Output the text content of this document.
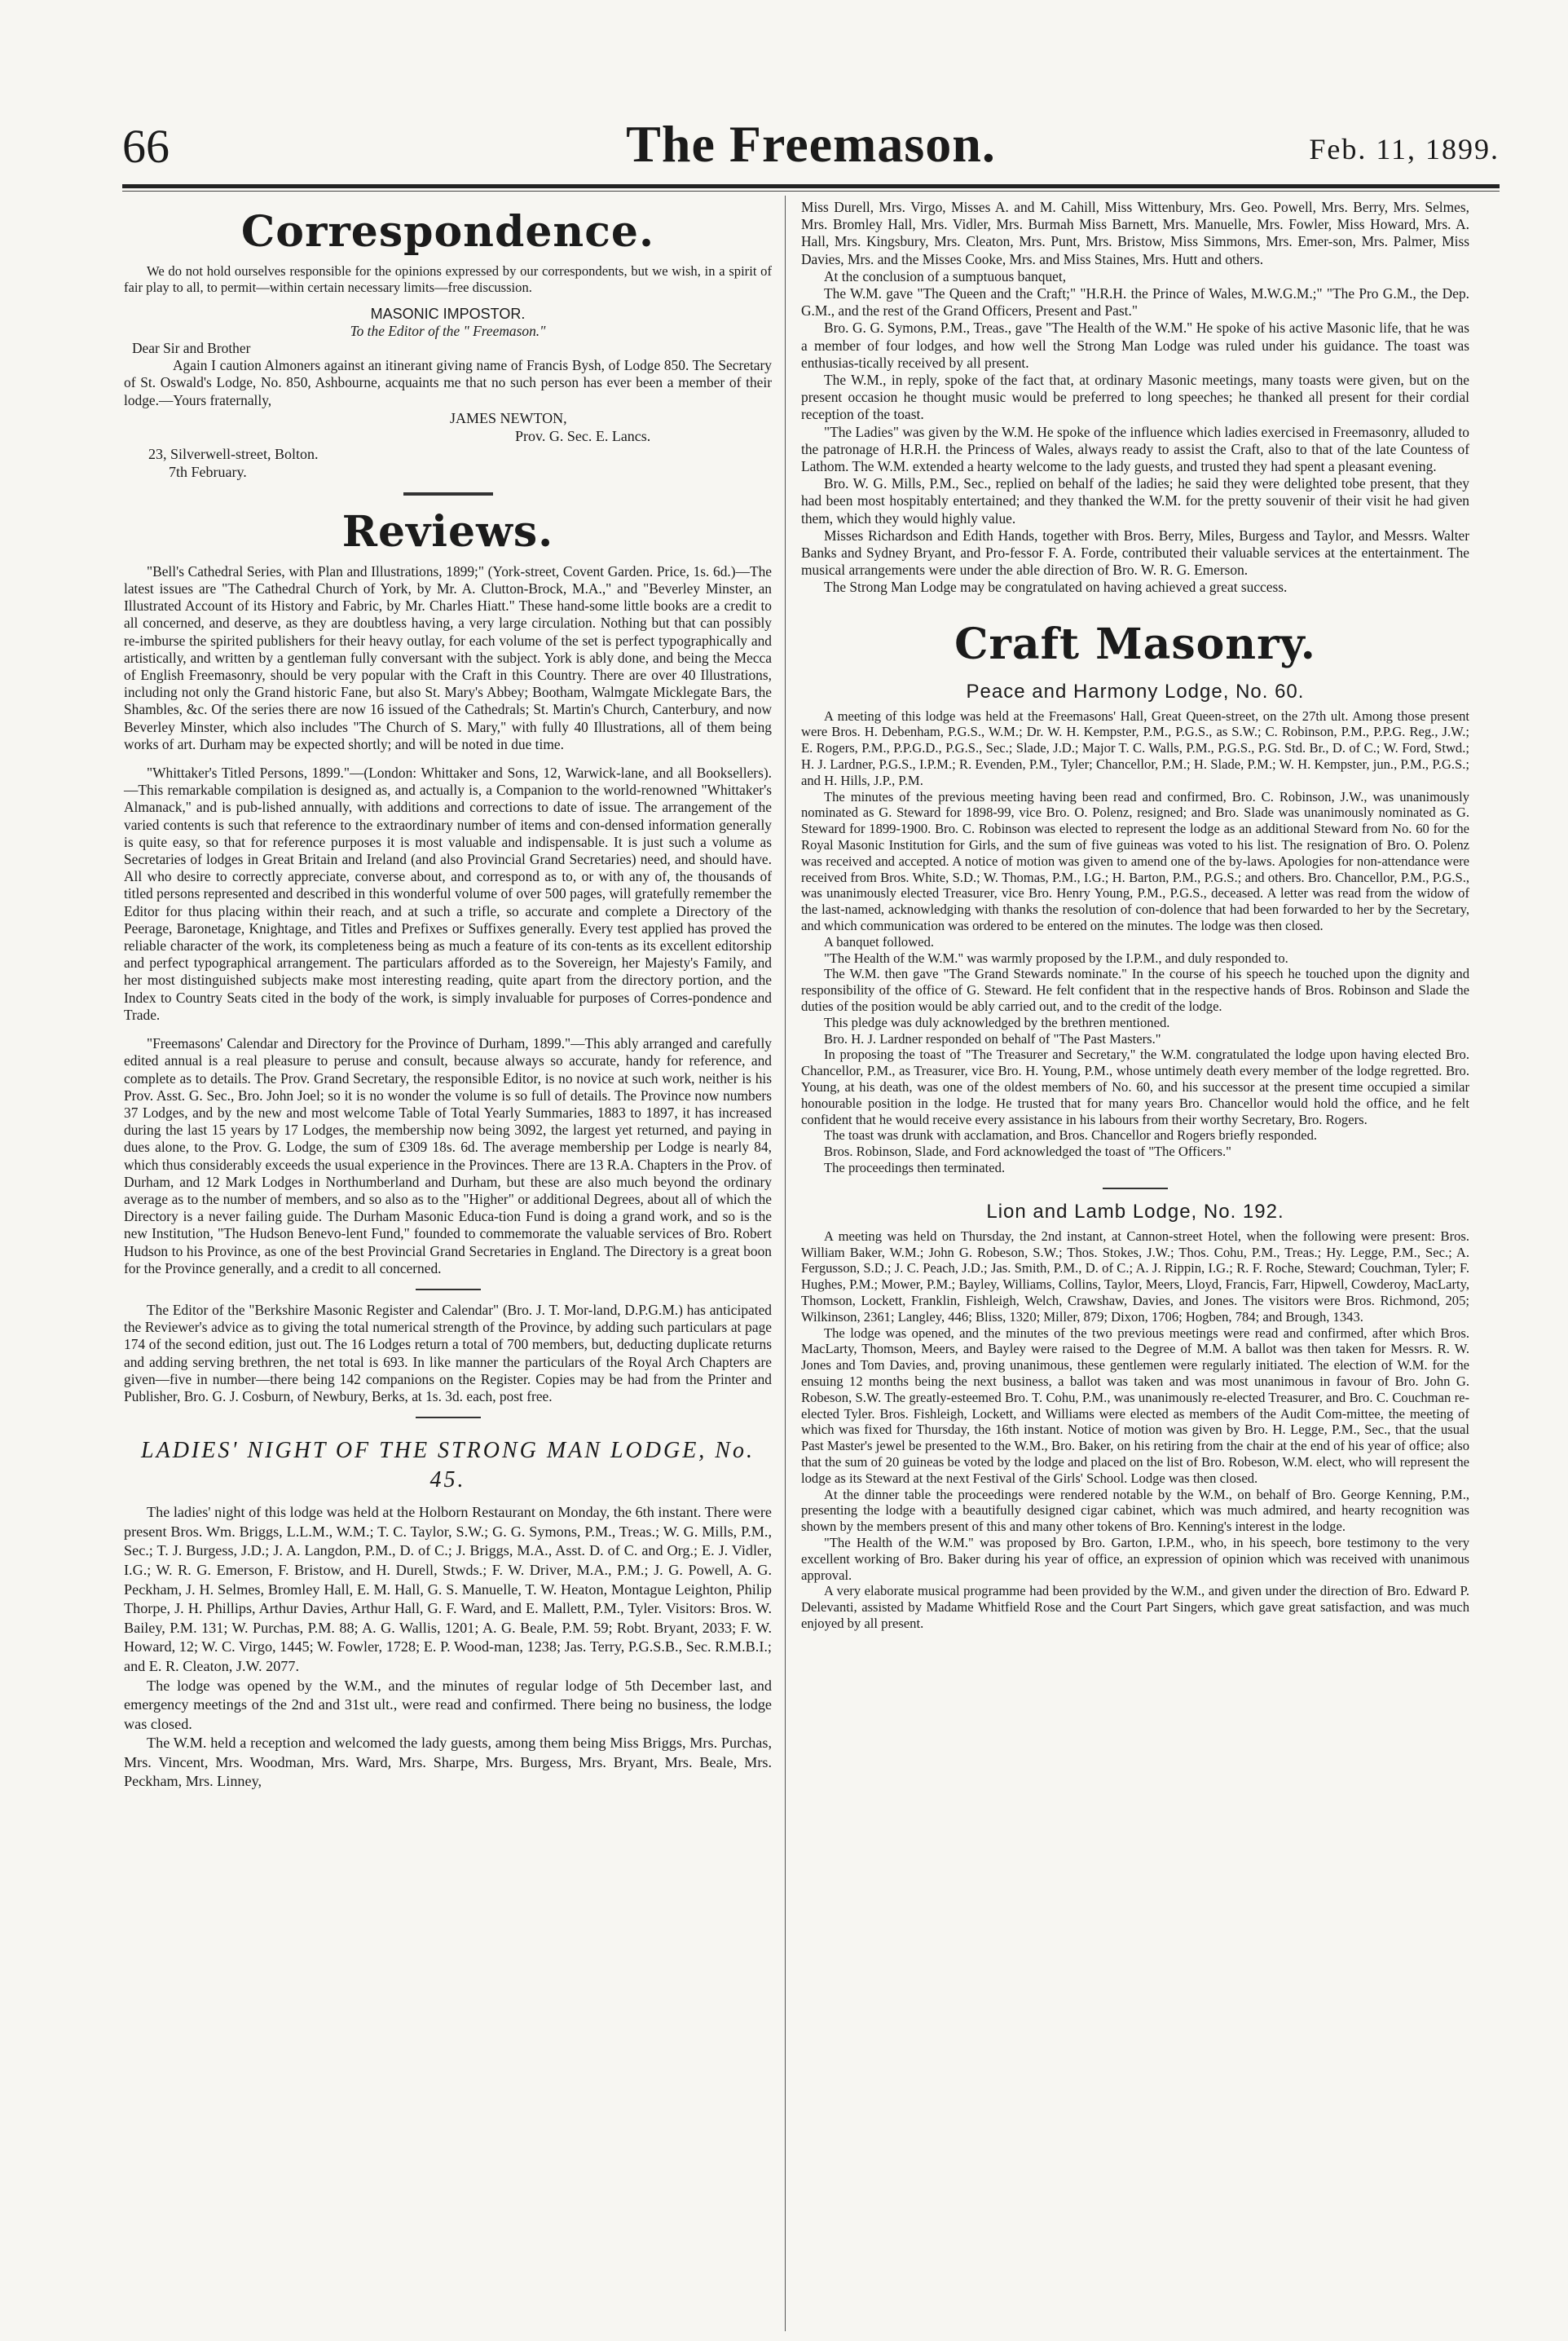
66	The Freemason.	Feb. 11, 1899.
Correspondence.

We do not hold ourselves responsible for the opinions expressed by our correspondents, but we wish, in a spirit of fair play to all, to permit—within certain necessary limits—free discussion.

MASONIC IMPOSTOR.

To the Editor of the " Freemason."

Dear Sir and Brother

Again I caution Almoners against an itinerant giving name of Francis Bysh, of Lodge 850. The Secretary of St. Oswald's Lodge, No. 850, Ashbourne, acquaints me that no such person has ever been a member of their lodge.—Yours fraternally,

JAMES NEWTON,

Prov. G. Sec. E. Lancs.

23, Silverwell-street, Bolton.

7th February.

Reviews.

"Bell's Cathedral Series, with Plan and Illustrations, 1899;" (York-street, Covent Garden. Price, 1s. 6d.)—The latest issues are "The Cathedral Church of York, by Mr. A. Clutton-Brock, M.A.," and "Beverley Minster, an Illustrated Account of its History and Fabric, by Mr. Charles Hiatt." These hand-some little books are a credit to all concerned, and deserve, as they are doubtless having, a very large circulation. Nothing but that can possibly re-imburse the spirited publishers for their heavy outlay, for each volume of the set is perfect typographically and artistically, and written by a gentleman fully conversant with the subject. York is ably done, and being the Mecca of English Freemasonry, should be very popular with the Craft in this Country. There are over 40 Illustrations, including not only the Grand historic Fane, but also St. Mary's Abbey; Bootham, Walmgate Micklegate Bars, the Shambles, &c. Of the series there are now 16 issued of the Cathedrals; St. Martin's Church, Canterbury, and now Beverley Minster, which also includes "The Church of S. Mary," with fully 40 Illustrations, all of them being works of art. Durham may be expected shortly; and will be noted in due time.

"Whittaker's Titled Persons, 1899."—(London: Whittaker and Sons, 12, Warwick-lane, and all Booksellers).—This remarkable compilation is designed as, and actually is, a Companion to the world-renowned "Whittaker's Almanack," and is pub-lished annually, with additions and corrections to date of issue. The arrangement of the varied contents is such that reference to the extraordinary number of items and con-densed information generally is quite easy, so that for reference purposes it is most valuable and indispensable. It is just such a volume as Secretaries of lodges in Great Britain and Ireland (and also Provincial Grand Secretaries) need, and should have. All who desire to correctly appreciate, converse about, and correspond as to, or with any of, the thousands of titled persons represented and described in this wonderful volume of over 500 pages, will gratefully remember the Editor for thus placing within their reach, and at such a trifle, so accurate and complete a Directory of the Peerage, Baronetage, Knightage, and Titles and Prefixes or Suffixes generally. Every test applied has proved the reliable character of the work, its completeness being as much a feature of its con-tents as its excellent editorship and perfect typographical arrangement. The particulars afforded as to the Sovereign, her Majesty's Family, and her most distinguished subjects make most interesting reading, quite apart from the directory portion, and the Index to Country Seats cited in the body of the work, is simply invaluable for purposes of Corres-pondence and Trade.

"Freemasons' Calendar and Directory for the Province of Durham, 1899."—This ably arranged and carefully edited annual is a real pleasure to peruse and consult, because always so accurate, handy for reference, and complete as to details. The Prov. Grand Secretary, the responsible Editor, is no novice at such work, neither is his Prov. Asst. G. Sec., Bro. John Joel; so it is no wonder the volume is so full of details. The Province now numbers 37 Lodges, and by the new and most welcome Table of Total Yearly Summaries, 1883 to 1897, it has increased during the last 15 years by 17 Lodges, the membership now being 3092, the largest yet returned, and paying in dues alone, to the Prov. G. Lodge, the sum of £309 18s. 6d. The average membership per Lodge is nearly 84, which thus considerably exceeds the usual experience in the Provinces. There are 13 R.A. Chapters in the Prov. of Durham, and 12 Mark Lodges in Northumberland and Durham, but these are also much beyond the ordinary average as to the number of members, and so also as to the "Higher" or additional Degrees, about all of which the Directory is a never failing guide. The Durham Masonic Educa-tion Fund is doing a grand work, and so is the new Institution, "The Hudson Benevo-lent Fund," founded to commemorate the valuable services of Bro. Robert Hudson to his Province, as one of the best Provincial Grand Secretaries in England. The Directory is a great boon for the Province generally, and a credit to all concerned.

The Editor of the "Berkshire Masonic Register and Calendar" (Bro. J. T. Mor-land, D.P.G.M.) has anticipated the Reviewer's advice as to giving the total numerical strength of the Province, by adding such particulars at page 174 of the second edition, just out. The 16 Lodges return a total of 700 members, but, deducting duplicate returns and adding serving brethren, the net total is 693. In like manner the particulars of the Royal Arch Chapters are given—five in number—there being 142 companions on the Register. Copies may be had from the Printer and Publisher, Bro. G. J. Cosburn, of Newbury, Berks, at 1s. 3d. each, post free.

LADIES' NIGHT OF THE STRONG MAN LODGE, No. 45.

The ladies' night of this lodge was held at the Holborn Restaurant on Monday, the 6th instant. There were present Bros. Wm. Briggs, L.L.M., W.M.; T. C. Taylor, S.W.; G. G. Symons, P.M., Treas.; W. G. Mills, P.M., Sec.; T. J. Burgess, J.D.; J. A. Langdon, P.M., D. of C.; J. Briggs, M.A., Asst. D. of C. and Org.; E. J. Vidler, I.G.; W. R. G. Emerson, F. Bristow, and H. Durell, Stwds.; F. W. Driver, M.A., P.M.; J. G. Powell, A. G. Peckham, J. H. Selmes, Bromley Hall, E. M. Hall, G. S. Manuelle, T. W. Heaton, Montague Leighton, Philip Thorpe, J. H. Phillips, Arthur Davies, Arthur Hall, G. F. Ward, and E. Mallett, P.M., Tyler. Visitors: Bros. W. Bailey, P.M. 131; W. Purchas, P.M. 88; A. G. Wallis, 1201; A. G. Beale, P.M. 59; Robt. Bryant, 2033; F. W. Howard, 12; W. C. Virgo, 1445; W. Fowler, 1728; E. P. Wood-man, 1238; Jas. Terry, P.G.S.B., Sec. R.M.B.I.; and E. R. Cleaton, J.W. 2077.

The lodge was opened by the W.M., and the minutes of regular lodge of 5th December last, and emergency meetings of the 2nd and 31st ult., were read and confirmed. There being no business, the lodge was closed.

The W.M. held a reception and welcomed the lady guests, among them being Miss Briggs, Mrs. Purchas, Mrs. Vincent, Mrs. Woodman, Mrs. Ward, Mrs. Sharpe, Mrs. Burgess, Mrs. Bryant, Mrs. Beale, Mrs. Peckham, Mrs. Linney,

Miss Durell, Mrs. Virgo, Misses A. and M. Cahill, Miss Wittenbury, Mrs. Geo. Powell, Mrs. Berry, Mrs. Selmes, Mrs. Bromley Hall, Mrs. Vidler, Mrs. Burmah Miss Barnett, Mrs. Manuelle, Mrs. Fowler, Miss Howard, Mrs. A. Hall, Mrs. Kingsbury, Mrs. Cleaton, Mrs. Punt, Mrs. Bristow, Miss Simmons, Mrs. Emer-son, Mrs. Palmer, Miss Davies, Mrs. and the Misses Cooke, Mrs. and Miss Staines, Mrs. Hutt and others.

At the conclusion of a sumptuous banquet,

The W.M. gave "The Queen and the Craft;" "H.R.H. the Prince of Wales, M.W.G.M.;" "The Pro G.M., the Dep. G.M., and the rest of the Grand Officers, Present and Past."

Bro. G. G. Symons, P.M., Treas., gave "The Health of the W.M." He spoke of his active Masonic life, that he was a member of four lodges, and how well the Strong Man Lodge was ruled under his guidance. The toast was enthusias-tically received by all present.

The W.M., in reply, spoke of the fact that, at ordinary Masonic meetings, many toasts were given, but on the present occasion he thought music would be preferred to long speeches; he thanked all present for their cordial reception of the toast.

"The Ladies" was given by the W.M. He spoke of the influence which ladies exercised in Freemasonry, alluded to the patronage of H.R.H. the Princess of Wales, always ready to assist the Craft, also to that of the late Countess of Lathom. The W.M. extended a hearty welcome to the lady guests, and trusted they had spent a pleasant evening.

Bro. W. G. Mills, P.M., Sec., replied on behalf of the ladies; he said they were delighted tobe present, that they had been most hospitably entertained; and they thanked the W.M. for the pretty souvenir of their visit he had given them, which they would highly value.

Misses Richardson and Edith Hands, together with Bros. Berry, Miles, Burgess and Taylor, and Messrs. Walter Banks and Sydney Bryant, and Pro-fessor F. A. Forde, contributed their valuable services at the entertainment. The musical arrangements were under the able direction of Bro. W. R. G. Emerson.

The Strong Man Lodge may be congratulated on having achieved a great success.

Craft Masonry.
Peace and Harmony Lodge, No. 60.

A meeting of this lodge was held at the Freemasons' Hall, Great Queen-street, on the 27th ult. Among those present were Bros. H. Debenham, P.G.S., W.M.; Dr. W. H. Kempster, P.M., P.G.S., as S.W.; C. Robinson, P.M., P.P.G. Reg., J.W.; E. Rogers, P.M., P.P.G.D., P.G.S., Sec.; Slade, J.D.; Major T. C. Walls, P.M., P.G.S., P.G. Std. Br., D. of C.; W. Ford, Stwd.; H. J. Lardner, P.G.S., I.P.M.; R. Evenden, P.M., Tyler; Chancellor, P.M.; H. Slade, P.M.; W. H. Kempster, jun., P.M., P.G.S.; and H. Hills, J.P., P.M.

The minutes of the previous meeting having been read and confirmed, Bro. C. Robinson, J.W., was unanimously nominated as G. Steward for 1898-99, vice Bro. O. Polenz, resigned; and Bro. Slade was unanimously nominated as G. Steward for 1899-1900. Bro. C. Robinson was elected to represent the lodge as an additional Steward from No. 60 for the Royal Masonic Institution for Girls, and the sum of five guineas was voted to his list. The resignation of Bro. O. Polenz was received and accepted. A notice of motion was given to amend one of the by-laws. Apologies for non-attendance were received from Bros. White, S.D.; W. Thomas, P.M., I.G.; H. Barton, P.M., P.G.S.; and others. Bro. Chancellor, P.M., P.G.S., was unanimously elected Treasurer, vice Bro. Henry Young, P.M., P.G.S., deceased. A letter was read from the widow of the last-named, acknowledging with thanks the resolution of con-dolence that had been forwarded to her by the Secretary, and which communication was ordered to be entered on the minutes. The lodge was then closed.

A banquet followed.

"The Health of the W.M." was warmly proposed by the I.P.M., and duly responded to.

The W.M. then gave "The Grand Stewards nominate." In the course of his speech he touched upon the dignity and responsibility of the office of G. Steward. He felt confident that in the respective hands of Bros. Robinson and Slade the duties of the position would be ably carried out, and to the credit of the lodge.

This pledge was duly acknowledged by the brethren mentioned.

Bro. H. J. Lardner responded on behalf of "The Past Masters."

In proposing the toast of "The Treasurer and Secretary," the W.M. congratulated the lodge upon having elected Bro. Chancellor, P.M., as Treasurer, vice Bro. H. Young, P.M., whose untimely death every member of the lodge regretted. Bro. Young, at his death, was one of the oldest members of No. 60, and his successor at the present time occupied a similar honourable position in the lodge. He trusted that for many years Bro. Chancellor would hold the office, and he felt confident that he would receive every assistance in his labours from their worthy Secretary, Bro. Rogers.

The toast was drunk with acclamation, and Bros. Chancellor and Rogers briefly responded.

Bros. Robinson, Slade, and Ford acknowledged the toast of "The Officers."

The proceedings then terminated.

Lion and Lamb Lodge, No. 192.

A meeting was held on Thursday, the 2nd instant, at Cannon-street Hotel, when the following were present: Bros. William Baker, W.M.; John G. Robeson, S.W.; Thos. Stokes, J.W.; Thos. Cohu, P.M., Treas.; Hy. Legge, P.M., Sec.; A. Fergusson, S.D.; J. C. Peach, J.D.; Jas. Smith, P.M., D. of C.; A. J. Rippin, I.G.; R. F. Roche, Steward; Couchman, Tyler; F. Hughes, P.M.; Mower, P.M.; Bayley, Williams, Collins, Taylor, Meers, Lloyd, Francis, Farr, Hipwell, Cowderoy, MacLarty, Thomson, Lockett, Franklin, Fishleigh, Welch, Crawshaw, Davies, and Jones. The visitors were Bros. Richmond, 205; Wilkinson, 2361; Langley, 446; Bliss, 1320; Miller, 879; Dixon, 1706; Hogben, 784; and Brough, 1343.

The lodge was opened, and the minutes of the two previous meetings were read and confirmed, after which Bros. MacLarty, Thomson, Meers, and Bayley were raised to the Degree of M.M. A ballot was then taken for Messrs. R. W. Jones and Tom Davies, and, proving unanimous, these gentlemen were regularly initiated. The election of W.M. for the ensuing 12 months being the next business, a ballot was taken and was most unanimous in favour of Bro. John G. Robeson, S.W. The greatly-esteemed Bro. T. Cohu, P.M., was unanimously re-elected Treasurer, and Bro. C. Couchman re-elected Tyler. Bros. Fishleigh, Lockett, and Williams were elected as members of the Audit Com-mittee, the meeting of which was fixed for Thursday, the 16th instant. Notice of motion was given by Bro. H. Legge, P.M., Sec., that the usual Past Master's jewel be presented to the W.M., Bro. Baker, on his retiring from the chair at the end of his year of office; also that the sum of 20 guineas be voted by the lodge and placed on the list of Bro. Robeson, W.M. elect, who will represent the lodge as its Steward at the next Festival of the Girls' School. Lodge was then closed.

At the dinner table the proceedings were rendered notable by the W.M., on behalf of Bro. George Kenning, P.M., presenting the lodge with a beautifully designed cigar cabinet, which was much admired, and hearty recognition was shown by the members present of this and many other tokens of Bro. Kenning's interest in the lodge.

"The Health of the W.M." was proposed by Bro. Garton, I.P.M., who, in his speech, bore testimony to the very excellent working of Bro. Baker during his year of office, an expression of opinion which was received with unanimous approval.

A very elaborate musical programme had been provided by the W.M., and given under the direction of Bro. Edward P. Delevanti, assisted by Madame Whitfield Rose and the Court Part Singers, which gave great satisfaction, and was much enjoyed by all present.
